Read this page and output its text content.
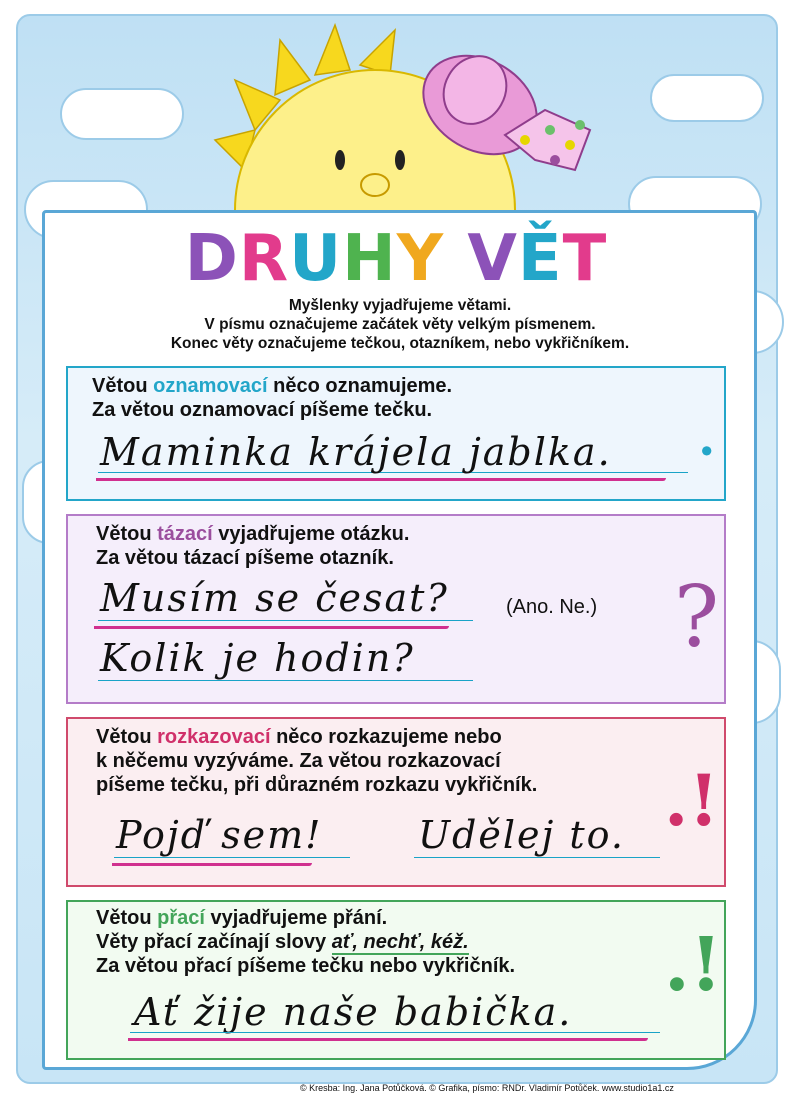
DRUHY VĚT
Myšlenky vyjadřujeme větami.
V písmu označujeme začátek věty velkým písmenem.
Konec věty označujeme tečkou, otazníkem, nebo vykřičníkem.
Větou oznamovací něco oznamujeme.
Za větou oznamovací píšeme tečku.
Maminka krájela jablka. .
Větou tázací vyjadřujeme otázku.
Za větou tázací píšeme otazník.
Musím se česat?	(Ano. Ne.)
Kolik je hodin?	?
Větou rozkazovací něco rozkazujeme nebo
k něčemu vyzýváme. Za větou rozkazovací
píšeme tečku, při důrazném rozkazu vykřičník.
Pojď sem!	Udělej to. .!
Větou přací vyjadřujeme přání.
Věty přací začínají slovy ať, nechť, kéž.
Za větou přací píšeme tečku nebo vykřičník.
Ať žije naše babička.
.!
© Kresba: Ing. Jana Potůčková. © Grafika, písmo: RNDr. Vladimír Potůček. www.studio1a1.cz
